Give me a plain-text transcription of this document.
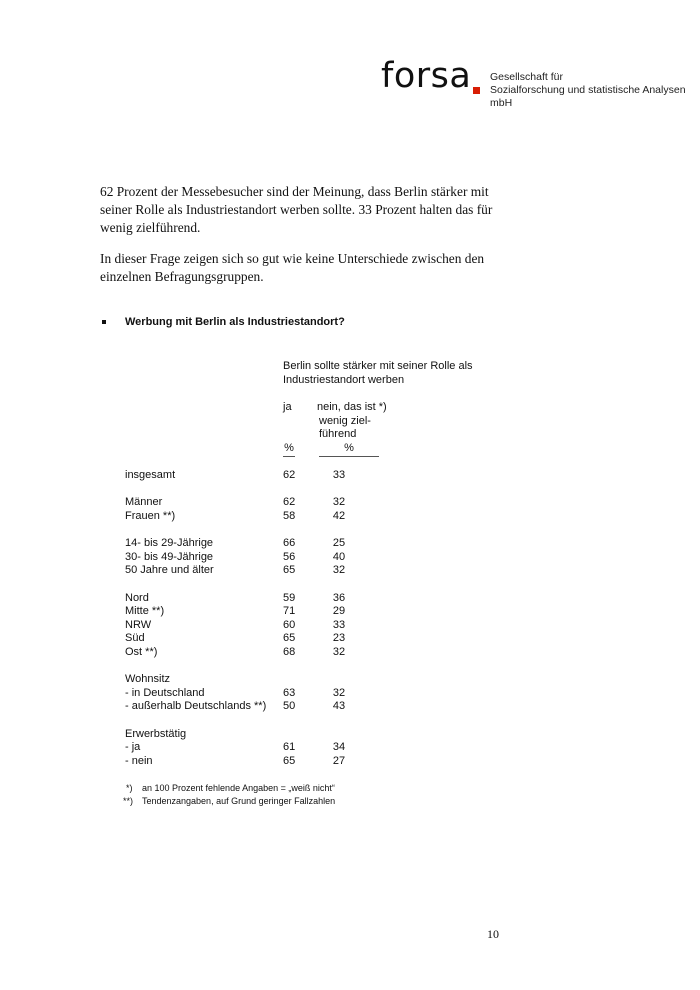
forsa Gesellschaft für
Sozialforschung und statistische Analysen mbH
62 Prozent der Messebesucher sind der Meinung, dass Berlin stärker mit seiner Rolle als Industriestandort werben sollte. 33 Prozent halten das für wenig zielführend.
In dieser Frage zeigen sich so gut wie keine Unterschiede zwischen den einzelnen Befragungsgruppen.
Werbung mit Berlin als Industriestandort?
Berlin sollte stärker mit seiner Rolle als
Industriestandort werben
ja nein, das ist *)
wenig ziel-
führend
%	%
insgesamt	62	33
Männer	62	32
Frauen **)	58	42
14- bis 29-Jährige	66	25
30- bis 49-Jährige	56	40
50 Jahre und älter	65	32
Nord	59	36
Mitte **)	71	29
NRW	60	33
Süd	65	23
Ost **)	68	32
Wohnsitz
- in Deutschland	63	32
- außerhalb Deutschlands **)	50	43
Erwerbstätig
- ja	61	34
- nein	65	27
*) an 100 Prozent fehlende Angaben = „weiß nicht“
**) Tendenzangaben, auf Grund geringer Fallzahlen
10
